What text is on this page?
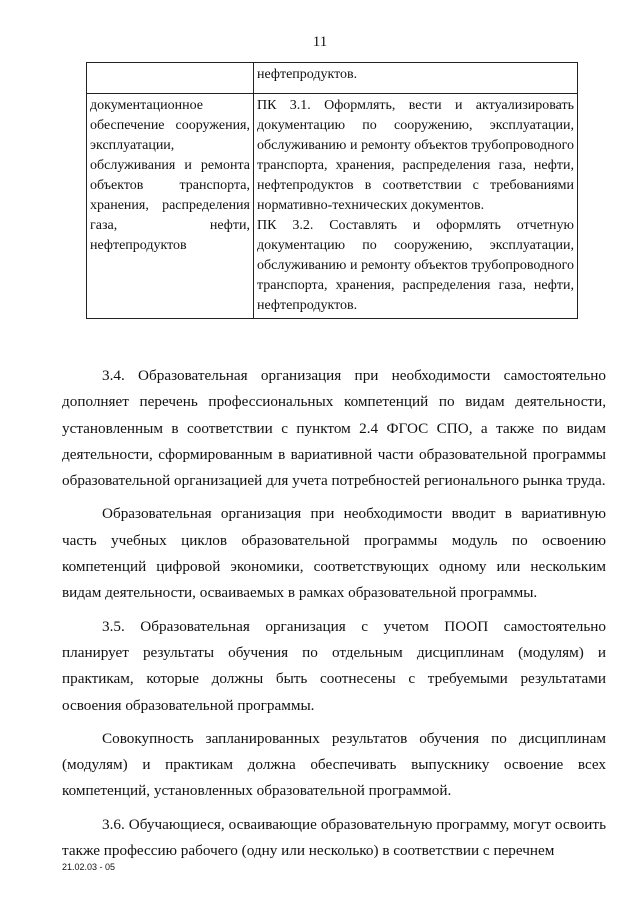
11

	нефтепродуктов.

документационное обеспечение сооружения, эксплуатации, обслуживания и ремонта объектов транспорта, хранения, распределения газа, нефти, нефтепродуктов	ПК 3.1. Оформлять, вести и актуализировать документацию по сооружению, эксплуатации, обслуживанию и ремонту объектов трубопроводного транспорта, хранения, распределения газа, нефти, нефтепродуктов в соответствии с требованиями нормативно-технических документов.
ПК 3.2. Составлять и оформлять отчетную документацию по сооружению, эксплуатации, обслуживанию и ремонту объектов трубопроводного транспорта, хранения, распределения газа, нефти, нефтепродуктов.

3.4. Образовательная организация при необходимости самостоятельно дополняет перечень профессиональных компетенций по видам деятельности, установленным в соответствии с пунктом 2.4 ФГОС СПО, а также по видам деятельности, сформированным в вариативной части образовательной программы образовательной организацией для учета потребностей регионального рынка труда.

Образовательная организация при необходимости вводит в вариативную часть учебных циклов образовательной программы модуль по освоению компетенций цифровой экономики, соответствующих одному или нескольким видам деятельности, осваиваемых в рамках образовательной программы.

3.5. Образовательная организация с учетом ПООП самостоятельно планирует результаты обучения по отдельным дисциплинам (модулям) и практикам, которые должны быть соотнесены с требуемыми результатами освоения образовательной программы.

Совокупность запланированных результатов обучения по дисциплинам (модулям) и практикам должна обеспечивать выпускнику освоение всех компетенций, установленных образовательной программой.

3.6. Обучающиеся, осваивающие образовательную программу, могут освоить также профессию рабочего (одну или несколько) в соответствии с перечнем

21.02.03 - 05
